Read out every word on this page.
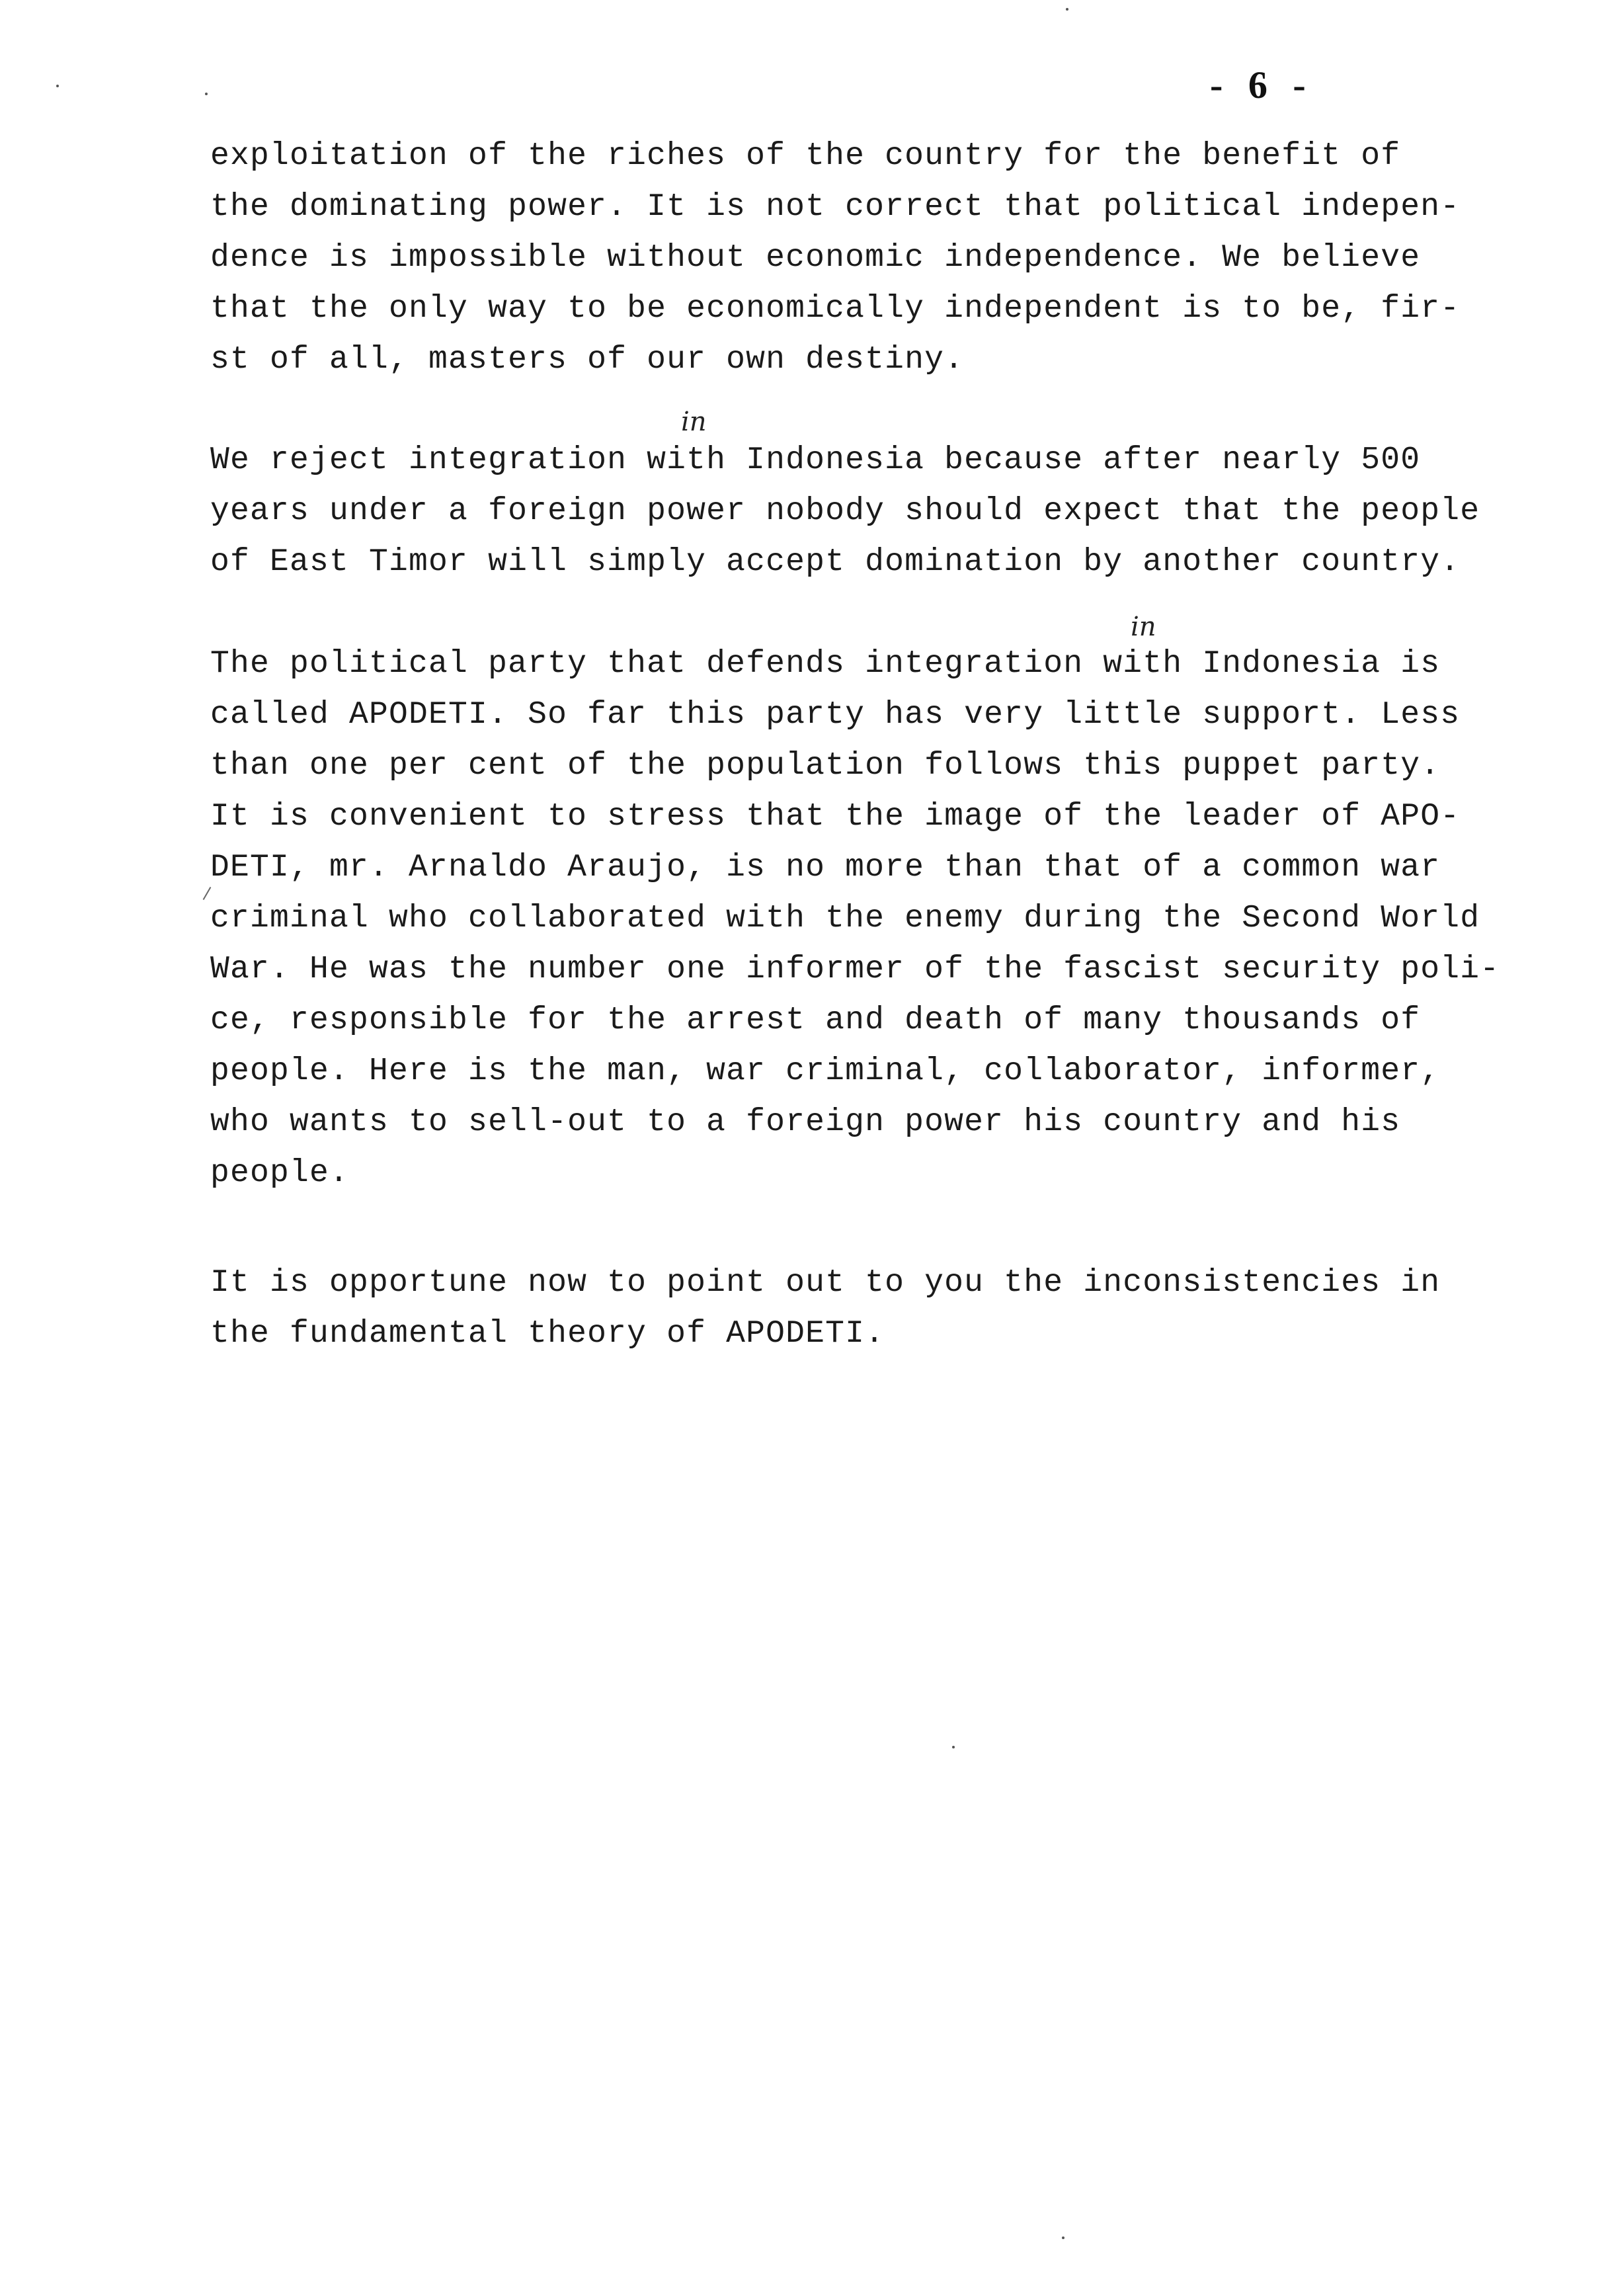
- 6 -
in
in
exploitation of the riches of the country for the benefit of
the dominating power. It is not correct that political indepen-
dence is impossible without economic independence. We believe
that the only way to be economically independent is to be, fir-
st of all, masters of our own destiny.
We reject integration with Indonesia because after nearly 500
years under a foreign power nobody should expect that the people
of East Timor will simply accept domination by another country.
The political party that defends integration with Indonesia is
called APODETI. So far this party has very little support. Less
than one per cent of the population follows this puppet party.
It is convenient to stress that the image of the leader of APO-
DETI, mr. Arnaldo Araujo, is no more than that of a common war
criminal who collaborated with the enemy during the Second World
War. He was the number one informer of the fascist security poli-
ce, responsible for the arrest and death of many thousands of
people. Here is the man, war criminal, collaborator, informer,
who wants to sell-out to a foreign power his country and his
people.
It is opportune now to point out to you the inconsistencies in
the fundamental theory of APODETI.
